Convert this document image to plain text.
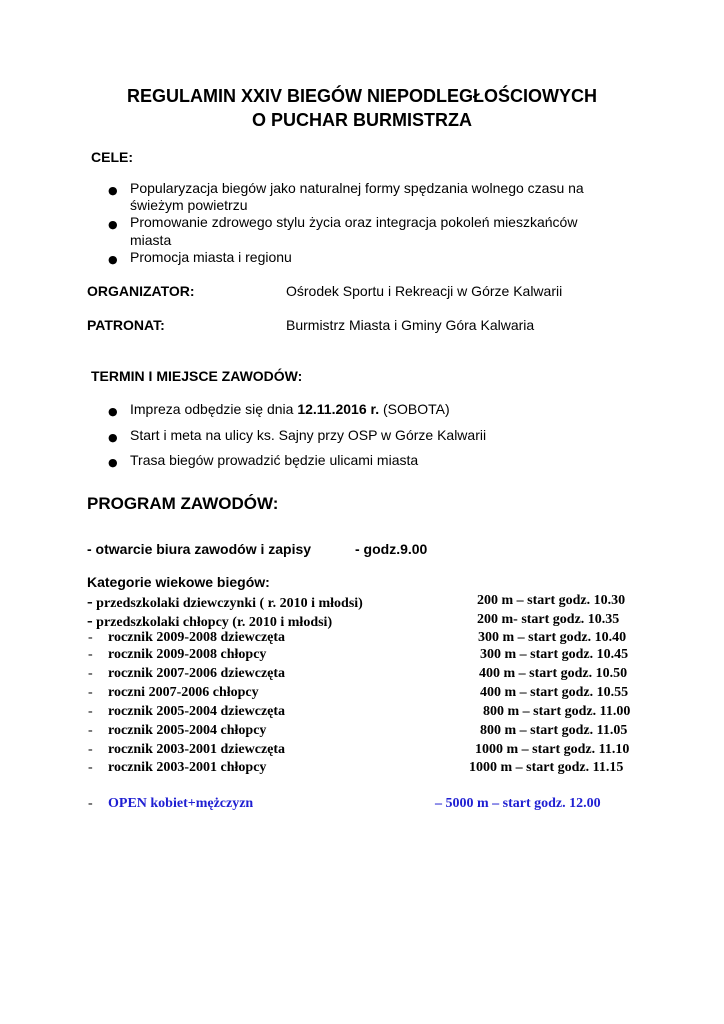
REGULAMIN XXIV BIEGÓW NIEPODLEGŁOŚCIOWYCH
O PUCHAR BURMISTRZA
CELE:
● Popularyzacja biegów jako naturalnej formy spędzania wolnego czasu na
świeżym powietrzu
● Promowanie zdrowego stylu życia oraz integracja pokoleń mieszkańców
miasta
● Promocja miasta i regionu
ORGANIZATOR:	Ośrodek Sportu i Rekreacji w Górze Kalwarii
PATRONAT:	Burmistrz Miasta i Gminy Góra Kalwaria
TERMIN I MIEJSCE ZAWODÓW:
● Impreza odbędzie się dnia 12.11.2016 r. (SOBOTA)
● Start i meta na ulicy ks. Sajny przy OSP w Górze Kalwarii
● Trasa biegów prowadzić będzie ulicami miasta
PROGRAM ZAWODÓW:
- otwarcie biura zawodów i zapisy	- godz.9.00
Kategorie wiekowe biegów:
- przedszkolaki dziewczynki ( r. 2010 i młodsi)	200 m – start godz. 10.30
- przedszkolaki chłopcy (r. 2010 i młodsi)	200 m- start godz. 10.35
- rocznik 2009-2008 dziewczęta	300 m – start godz. 10.40
- rocznik 2009-2008 chłopcy	300 m – start godz. 10.45
- rocznik 2007-2006 dziewczęta	400 m – start godz. 10.50
- roczni 2007-2006 chłopcy	400 m – start godz. 10.55
- rocznik 2005-2004 dziewczęta	800 m – start godz. 11.00
- rocznik 2005-2004 chłopcy	800 m – start godz. 11.05
- rocznik 2003-2001 dziewczęta	1000 m – start godz. 11.10
- rocznik 2003-2001 chłopcy	1000 m – start godz. 11.15
- OPEN kobiet+mężczyzn	– 5000 m – start godz. 12.00
